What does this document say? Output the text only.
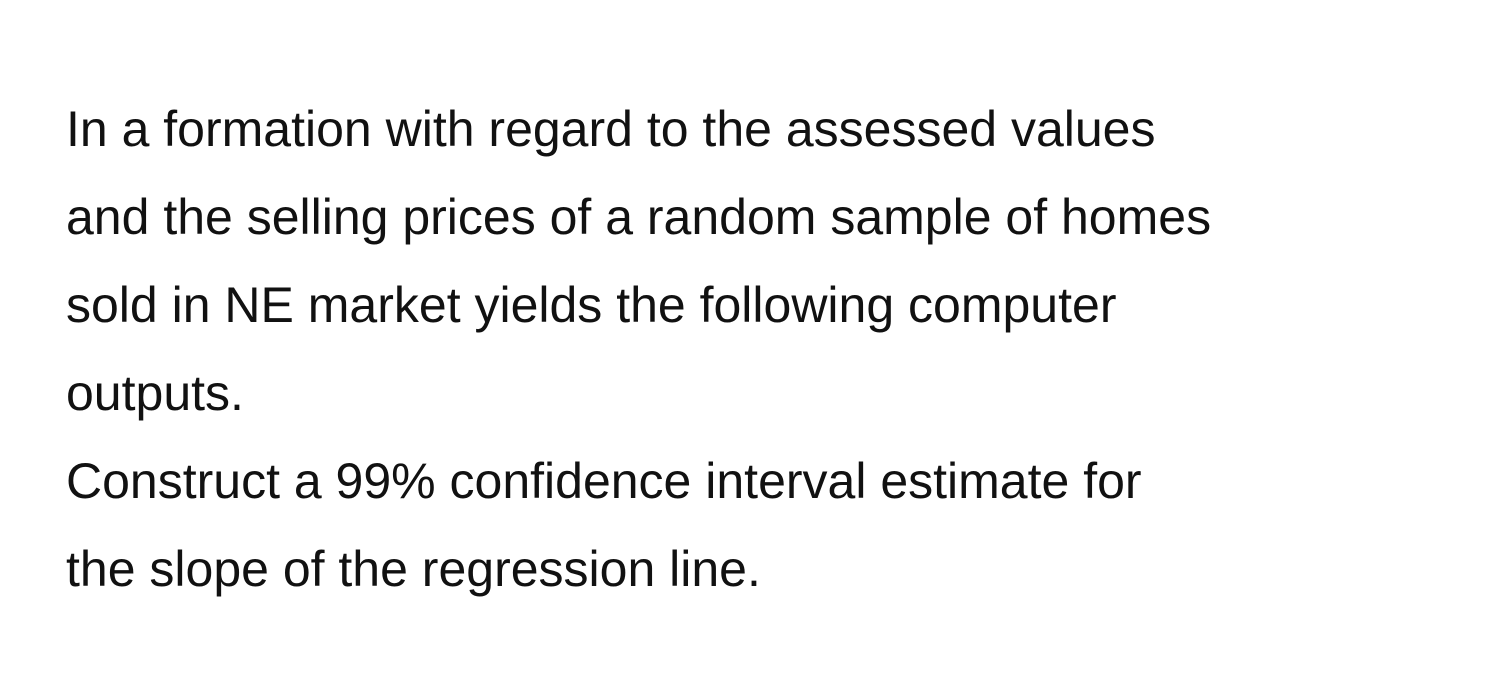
In a formation with regard to the assessed values
and the selling prices of a random sample of homes
sold in NE market yields the following computer
outputs.
Construct a 99% confidence interval estimate for
the slope of the regression line.
